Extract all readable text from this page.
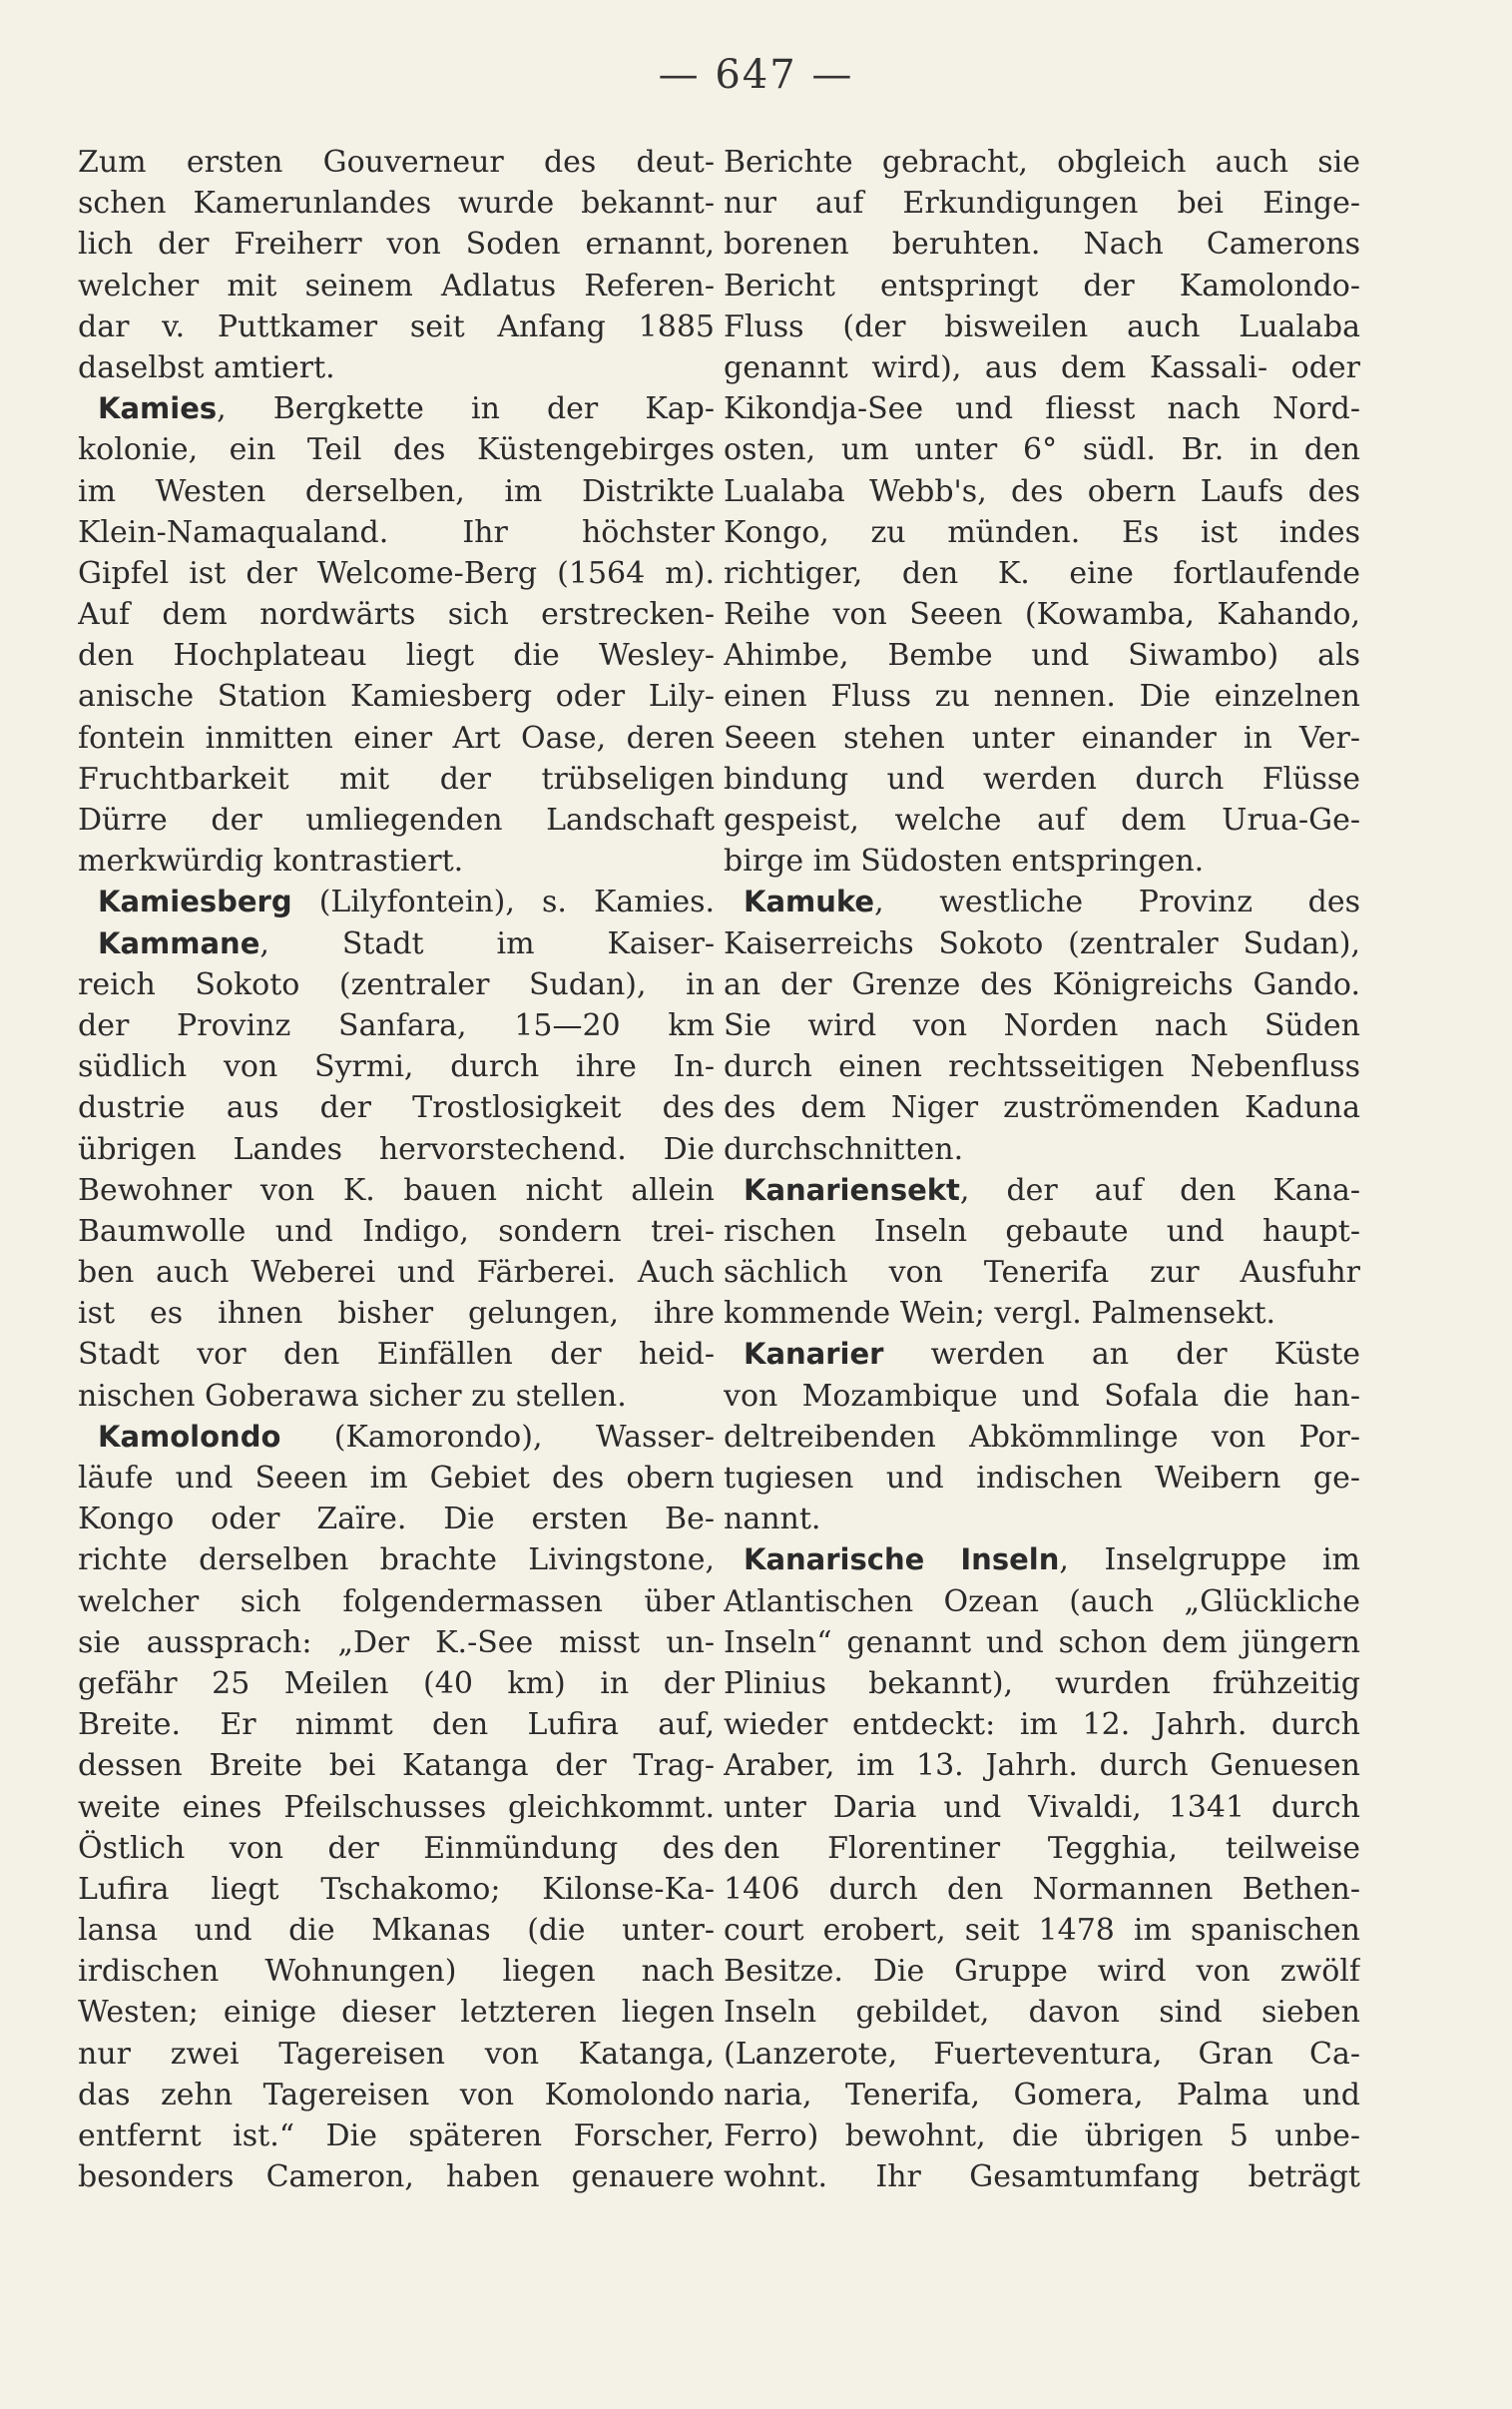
— 647 —
Zum ersten Gouverneur des deut-
schen Kamerunlandes wurde bekannt-
lich der Freiherr von Soden ernannt,
welcher mit seinem Adlatus Referen-
dar v. Puttkamer seit Anfang 1885
daselbst amtiert.
Kamies, Bergkette in der Kap-
kolonie, ein Teil des Küstengebirges
im Westen derselben, im Distrikte
Klein-Namaqualand. Ihr höchster
Gipfel ist der Welcome-Berg (1564 m).
Auf dem nordwärts sich erstrecken-
den Hochplateau liegt die Wesley-
anische Station Kamiesberg oder Lily-
fontein inmitten einer Art Oase, deren
Fruchtbarkeit mit der trübseligen
Dürre der umliegenden Landschaft
merkwürdig kontrastiert.
Kamiesberg (Lilyfontein), s. Kamies.
Kammane, Stadt im Kaiser-
reich Sokoto (zentraler Sudan), in
der Provinz Sanfara, 15—20 km
südlich von Syrmi, durch ihre In-
dustrie aus der Trostlosigkeit des
übrigen Landes hervorstechend. Die
Bewohner von K. bauen nicht allein
Baumwolle und Indigo, sondern trei-
ben auch Weberei und Färberei. Auch
ist es ihnen bisher gelungen, ihre
Stadt vor den Einfällen der heid-
nischen Goberawa sicher zu stellen.
Kamolondo (Kamorondo), Wasser-
läufe und Seeen im Gebiet des obern
Kongo oder Zaïre. Die ersten Be-
richte derselben brachte Livingstone,
welcher sich folgendermassen über
sie aussprach: „Der K.-See misst un-
gefähr 25 Meilen (40 km) in der
Breite. Er nimmt den Lufira auf,
dessen Breite bei Katanga der Trag-
weite eines Pfeilschusses gleichkommt.
Östlich von der Einmündung des
Lufira liegt Tschakomo; Kilonse-Ka-
lansa und die Mkanas (die unter-
irdischen Wohnungen) liegen nach
Westen; einige dieser letzteren liegen
nur zwei Tagereisen von Katanga,
das zehn Tagereisen von Komolondo
entfernt ist.“ Die späteren Forscher,
besonders Cameron, haben genauere
Berichte gebracht, obgleich auch sie
nur auf Erkundigungen bei Einge-
borenen beruhten. Nach Camerons
Bericht entspringt der Kamolondo-
Fluss (der bisweilen auch Lualaba
genannt wird), aus dem Kassali- oder
Kikondja-See und fliesst nach Nord-
osten, um unter 6° südl. Br. in den
Lualaba Webb's, des obern Laufs des
Kongo, zu münden. Es ist indes
richtiger, den K. eine fortlaufende
Reihe von Seeen (Kowamba, Kahando,
Ahimbe, Bembe und Siwambo) als
einen Fluss zu nennen. Die einzelnen
Seeen stehen unter einander in Ver-
bindung und werden durch Flüsse
gespeist, welche auf dem Urua-Ge-
birge im Südosten entspringen.
Kamuke, westliche Provinz des
Kaiserreichs Sokoto (zentraler Sudan),
an der Grenze des Königreichs Gando.
Sie wird von Norden nach Süden
durch einen rechtsseitigen Nebenfluss
des dem Niger zuströmenden Kaduna
durchschnitten.
Kanariensekt, der auf den Kana-
rischen Inseln gebaute und haupt-
sächlich von Tenerifa zur Ausfuhr
kommende Wein; vergl. Palmensekt.
Kanarier werden an der Küste
von Mozambique und Sofala die han-
deltreibenden Abkömmlinge von Por-
tugiesen und indischen Weibern ge-
nannt.
Kanarische Inseln, Inselgruppe im
Atlantischen Ozean (auch „Glückliche
Inseln“ genannt und schon dem jüngern
Plinius bekannt), wurden frühzeitig
wieder entdeckt: im 12. Jahrh. durch
Araber, im 13. Jahrh. durch Genuesen
unter Daria und Vivaldi, 1341 durch
den Florentiner Tegghia, teilweise
1406 durch den Normannen Bethen-
court erobert, seit 1478 im spanischen
Besitze. Die Gruppe wird von zwölf
Inseln gebildet, davon sind sieben
(Lanzerote, Fuerteventura, Gran Ca-
naria, Tenerifa, Gomera, Palma und
Ferro) bewohnt, die übrigen 5 unbe-
wohnt. Ihr Gesamtumfang beträgt
